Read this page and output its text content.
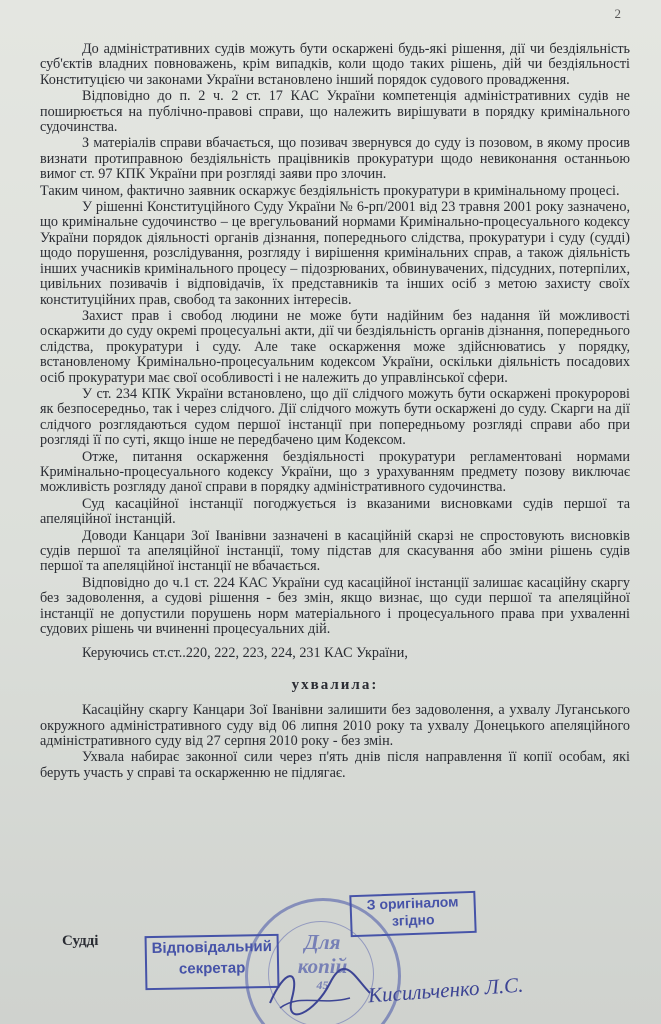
2

До адміністративних судів можуть бути оскаржені будь-які рішення, дії чи бездіяльність суб'єктів владних повноважень, крім випадків, коли щодо таких рішень, дій чи бездіяльності Конституцією чи законами України встановлено інший порядок судового провадження.

Відповідно до п. 2 ч. 2 ст. 17 КАС України компетенція адміністративних судів не поширюється на публічно-правові справи, що належить вирішувати в порядку кримінального судочинства.

З матеріалів справи вбачається, що позивач звернувся до суду із позовом, в якому просив визнати протиправною бездіяльність працівників прокуратури щодо невиконання останньою вимог ст. 97 КПК України при розгляді заяви про злочин.

Таким чином, фактично заявник оскаржує бездіяльність прокуратури в кримінальному процесі.

У рішенні Конституційного Суду України № 6-рп/2001 від 23 травня 2001 року зазначено, що кримінальне судочинство – це врегульований нормами Кримінально-процесуального кодексу України порядок діяльності органів дізнання, попереднього слідства, прокуратури і суду (судді) щодо порушення, розслідування, розгляду і вирішення кримінальних справ, а також діяльність інших учасників кримінального процесу – підозрюваних, обвинувачених, підсудних, потерпілих, цивільних позивачів і відповідачів, їх представників та інших осіб з метою захисту своїх конституційних прав, свобод та законних інтересів.

Захист прав і свобод людини не може бути надійним без надання їй можливості оскаржити до суду окремі процесуальні акти, дії чи бездіяльність органів дізнання, попереднього слідства, прокуратури і суду. Але таке оскарження може здійснюватись у порядку, встановленому Кримінально-процесуальним кодексом України, оскільки діяльність посадових осіб прокуратури має свої особливості і не належить до управлінської сфери.

У ст. 234 КПК України встановлено, що дії слідчого можуть бути оскаржені прокуророві як безпосередньо, так і через слідчого. Дії слідчого можуть бути оскаржені до суду. Скарги на дії слідчого розглядаються судом першої інстанції при попередньому розгляді справи або при розгляді її по суті, якщо інше не передбачено цим Кодексом.

Отже, питання оскарження бездіяльності прокуратури регламентовані нормами Кримінально-процесуального кодексу України, що з урахуванням предмету позову виключає можливість розгляду даної справи в порядку адміністративного судочинства.

Суд касаційної інстанції погоджується із вказаними висновками судів першої та апеляційної інстанцій.

Доводи Канцари Зої Іванівни зазначені в касаційній скарзі не спростовують висновків судів першої та апеляційної інстанції, тому підстав для скасування або зміни рішень судів першої та апеляційної інстанції не вбачається.

Відповідно до ч.1 ст. 224 КАС України суд касаційної інстанції залишає касаційну скаргу без задоволення, а судові рішення - без змін, якщо визнає, що суди першої та апеляційної інстанції не допустили порушень норм матеріального і процесуального права при ухваленні судових рішень чи вчиненні процесуальних дій.

Керуючись ст.ст..220, 222, 223, 224, 231 КАС України,

ухвалила:

Касаційну скаргу Канцари Зої Іванівни залишити без задоволення, а ухвалу Луганського окружного адміністративного суду від 06 липня 2010 року та ухвалу Донецького апеляційного адміністративного суду від 27 серпня 2010 року - без змін.

Ухвала набирає законної сили через п'ять днів після направлення її копії особам, які беруть участь у справі та оскарженню не підлягає.

Судді	Для
копій
45
З оригіналом
згідно
Відповідальний
секретар
Кисильченко Л.С.
